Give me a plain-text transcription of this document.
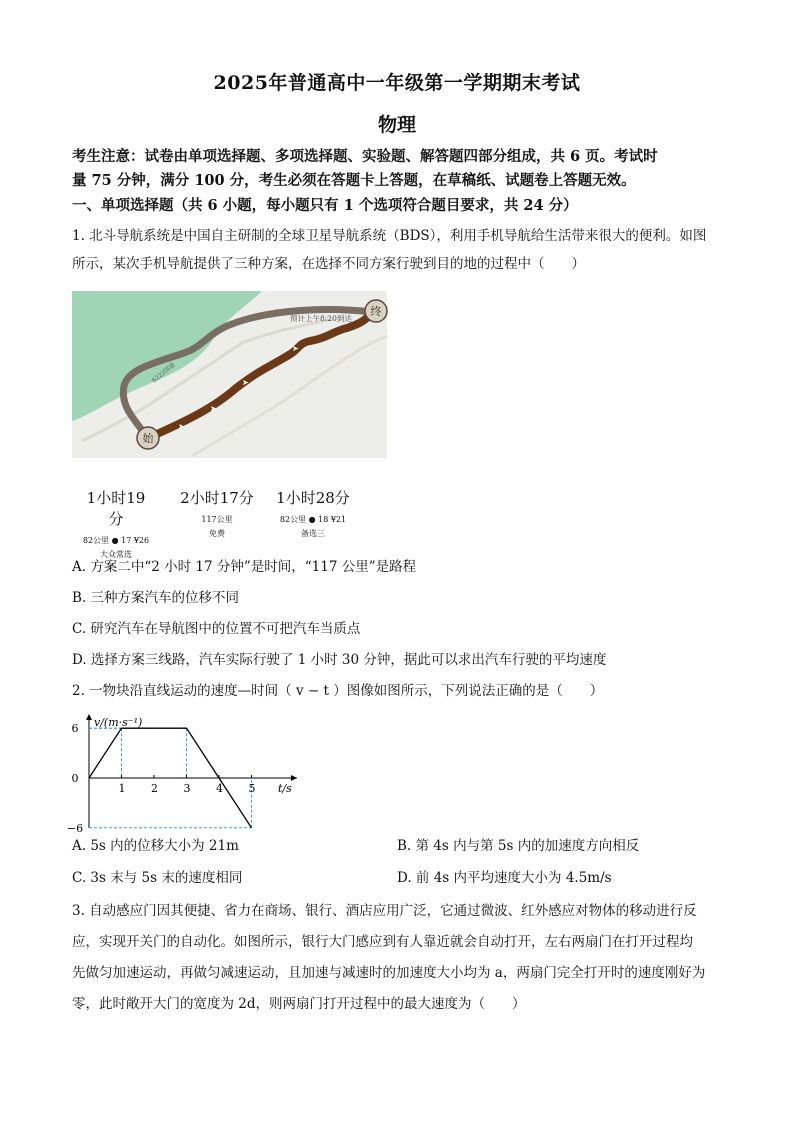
2025年普通高中一年级第一学期期末考试
物理
考生注意：试卷由单项选择题、多项选择题、实验题、解答题四部分组成，共 6 页。考试时
量 75 分钟，满分 100 分，考生必须在答题卡上答题，在草稿纸、试题卷上答题无效。
一、单项选择题（共 6 小题，每小题只有 1 个选项符合题目要求，共 24 分）
1. 北斗导航系统是中国自主研制的全球卫星导航系统（BDS），利用手机导航给生活带来很大的便利。如图
所示，某次手机导航提供了三种方案，在选择不同方案行驶到目的地的过程中（　　）
➤
➤
➤
➤
S222国道
预计上午8:20到达
始
终
1小时19分
82公里 ● 17 ¥26
大众常选
2小时17分
117公里
免费
1小时28分
82公里 ● 18 ¥21
备选三
A. 方案二中“2 小时 17 分钟”是时间，“117 公里”是路程
B. 三种方案汽车的位移不同
C. 研究汽车在导航图中的位置不可把汽车当质点
D. 选择方案三线路，汽车实际行驶了 1 小时 30 分钟，据此可以求出汽车行驶的平均速度
2. 一物块沿直线运动的速度—时间（ v − t ）图像如图所示，下列说法正确的是（　　）
v/(m·s⁻¹)
t/s
1 2 3 4 5
6
0
−6
A. 5s 内的位移大小为 21m	B. 第 4s 内与第 5s 内的加速度方向相反
C. 3s 末与 5s 末的速度相同	D. 前 4s 内平均速度大小为 4.5m/s
3. 自动感应门因其便捷、省力在商场、银行、酒店应用广泛，它通过微波、红外感应对物体的移动进行反
应，实现开关门的自动化。如图所示，银行大门感应到有人靠近就会自动打开，左右两扇门在打开过程均
先做匀加速运动，再做匀减速运动，且加速与减速时的加速度大小均为 a，两扇门完全打开时的速度刚好为
零，此时敞开大门的宽度为 2d，则两扇门打开过程中的最大速度为（　　）
